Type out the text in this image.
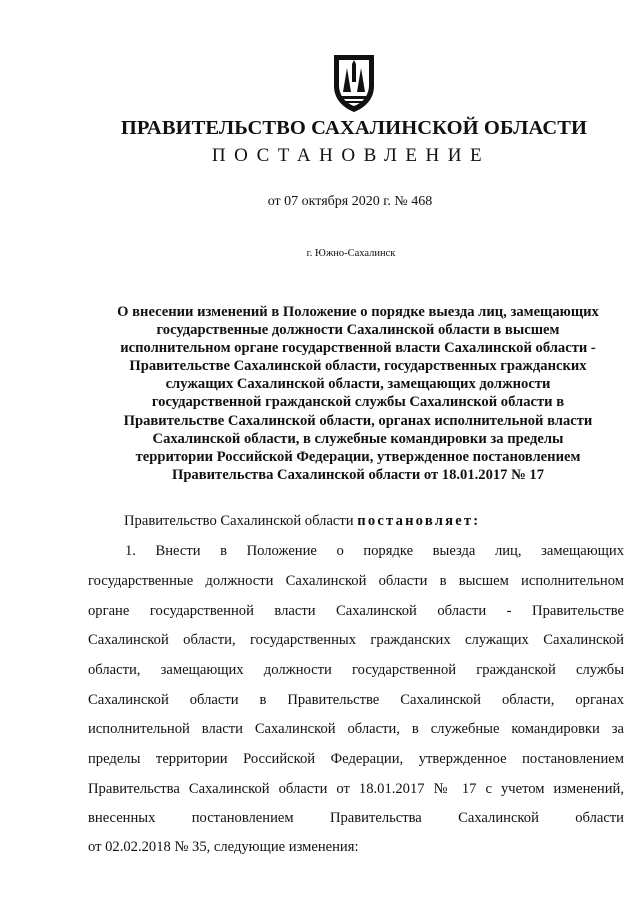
ПРАВИТЕЛЬСТВО САХАЛИНСКОЙ ОБЛАСТИ
ПОСТАНОВЛЕНИЕ
от 07 октября 2020 г. № 468
г. Южно-Сахалинск
О внесении изменений в Положение о порядке выезда лиц, замещающих
государственные должности Сахалинской области в высшем
исполнительном органе государственной власти Сахалинской области -
Правительстве Сахалинской области, государственных гражданских
служащих Сахалинской области, замещающих должности
государственной гражданской службы Сахалинской области в
Правительстве Сахалинской области, органах исполнительной власти
Сахалинской области, в служебные командировки за пределы
территории Российской Федерации, утвержденное постановлением
Правительства Сахалинской области от 18.01.2017 № 17
Правительство Сахалинской области постановляет:
1. Внести в Положение о порядке выезда лиц, замещающих
государственные должности Сахалинской области в высшем исполнительном
органе государственной власти Сахалинской области - Правительстве
Сахалинской области, государственных гражданских служащих Сахалинской
области, замещающих должности государственной гражданской службы
Сахалинской области в Правительстве Сахалинской области, органах
исполнительной власти Сахалинской области, в служебные командировки за
пределы территории Российской Федерации, утвержденное постановлением
Правительства Сахалинской области от 18.01.2017 № 17 с учетом изменений,
внесенных постановлением Правительства Сахалинской области
от 02.02.2018 № 35, следующие изменения:
